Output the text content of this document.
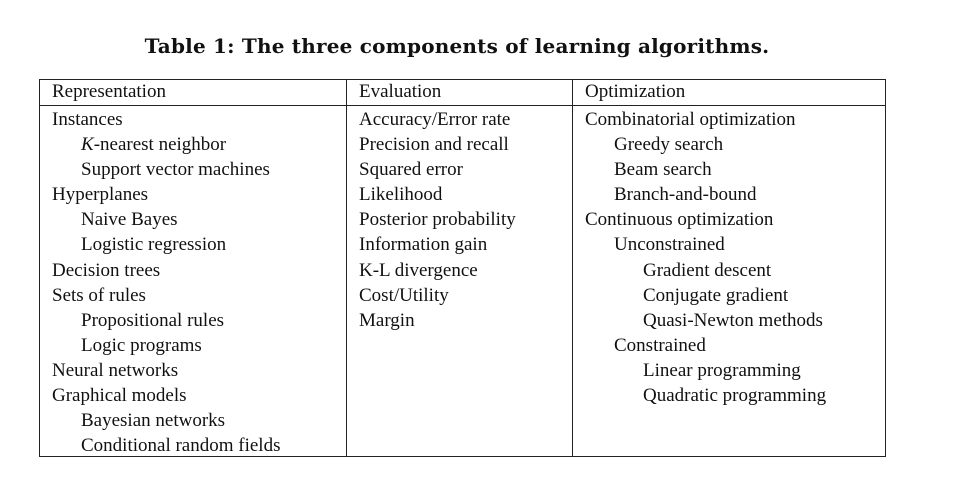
Table 1: The three components of learning algorithms.
Representation
Instances
K-nearest neighbor
Support vector machines
Hyperplanes
Naive Bayes
Logistic regression
Decision trees
Sets of rules
Propositional rules
Logic programs
Neural networks
Graphical models
Bayesian networks
Conditional random fields
Evaluation
Accuracy/Error rate
Precision and recall
Squared error
Likelihood
Posterior probability
Information gain
K-L divergence
Cost/Utility
Margin
Optimization
Combinatorial optimization
Greedy search
Beam search
Branch-and-bound
Continuous optimization
Unconstrained
Gradient descent
Conjugate gradient
Quasi-Newton methods
Constrained
Linear programming
Quadratic programming
